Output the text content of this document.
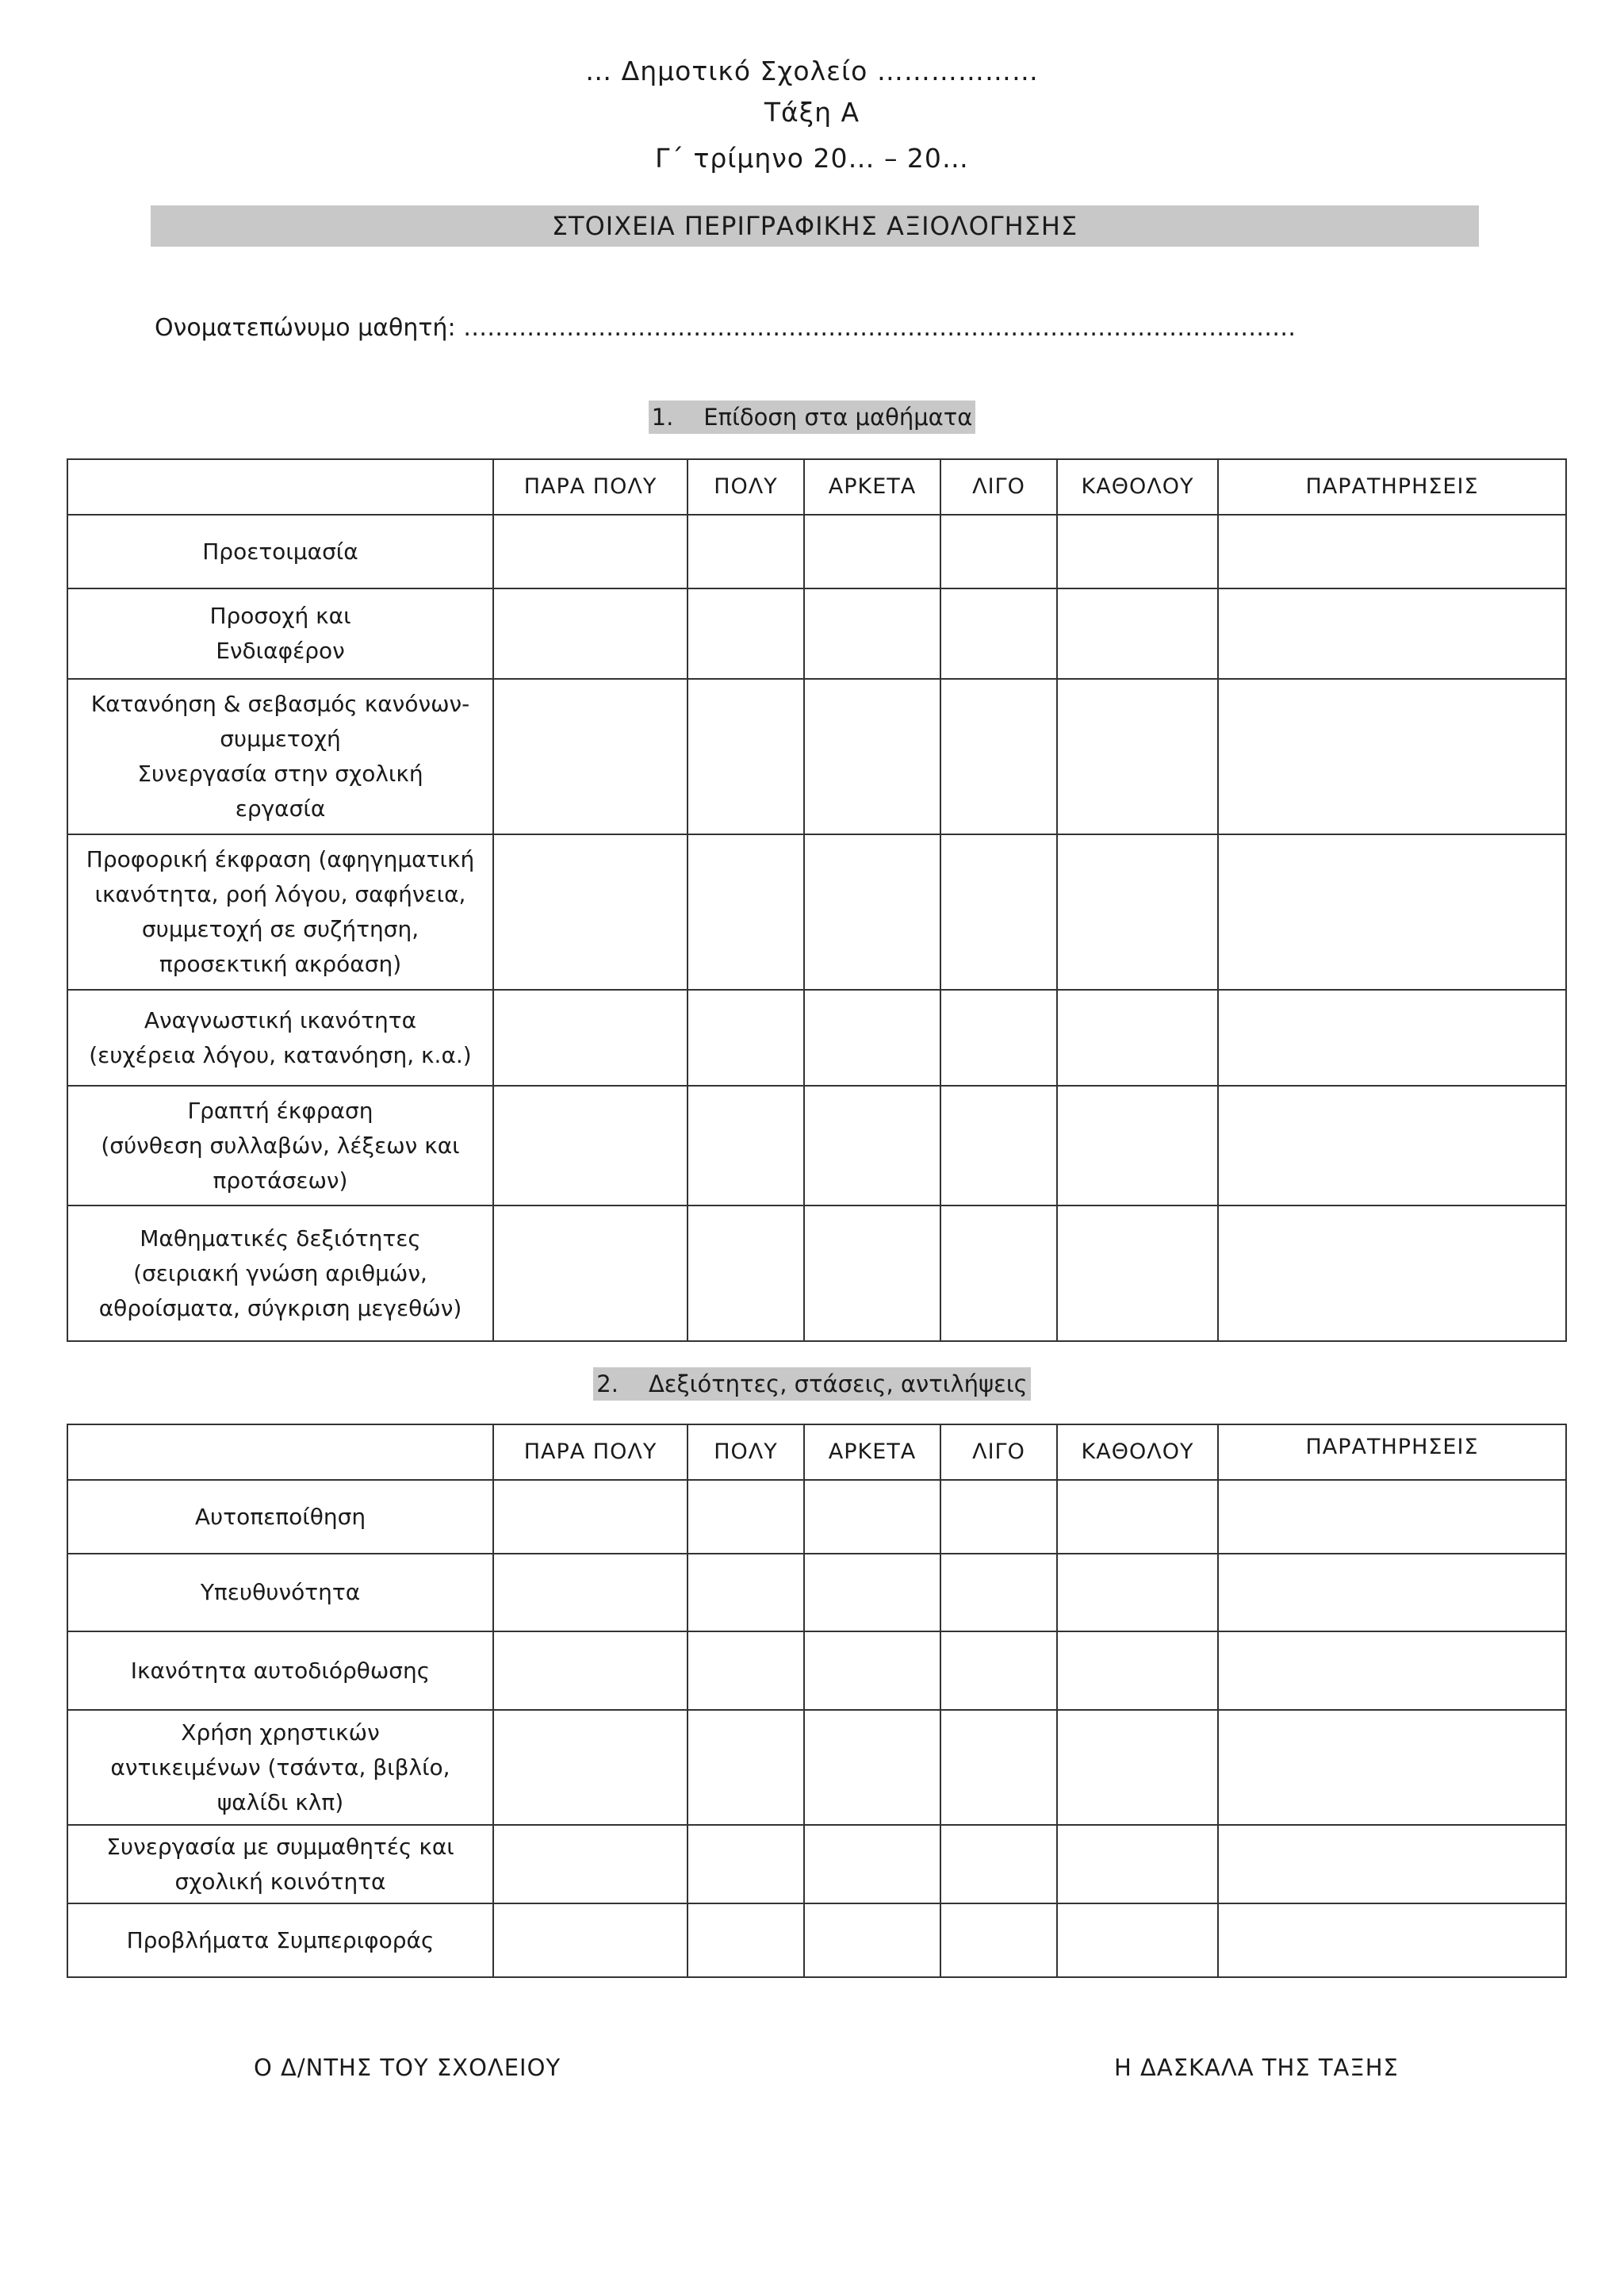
… Δημοτικό Σχολείο ………………
Τάξη Α
Γ΄ τρίμηνο 20… – 20…
ΣΤΟΙΧΕΙΑ ΠΕΡΙΓΡΑΦΙΚΗΣ ΑΞΙΟΛΟΓΗΣΗΣ
Ονοματεπώνυμο μαθητή: ……………………………………………………………………………………………
1. Επίδοση στα μαθήματα
	ΠΑΡΑ ΠΟΛΥ	ΠΟΛΥ	ΑΡΚΕΤΑ	ΛΙΓΟ	ΚΑΘΟΛΟΥ	ΠΑΡΑΤΗΡΗΣΕΙΣ

Προετοιμασία						

Προσοχή και
Ενδιαφέρον						

Κατανόηση & σεβασμός κανόνων-
συμμετοχή
Συνεργασία στην σχολική
εργασία						

Προφορική έκφραση (αφηγηματική
ικανότητα, ροή λόγου, σαφήνεια,
συμμετοχή σε συζήτηση,
προσεκτική ακρόαση)						

Αναγνωστική ικανότητα
(ευχέρεια λόγου, κατανόηση, κ.α.)						

Γραπτή έκφραση
(σύνθεση συλλαβών, λέξεων και
προτάσεων)						

Μαθηματικές δεξιότητες
(σειριακή γνώση αριθμών,
αθροίσματα, σύγκριση μεγεθών)						

2. Δεξιότητες, στάσεις, αντιλήψεις
	ΠΑΡΑ ΠΟΛΥ	ΠΟΛΥ	ΑΡΚΕΤΑ	ΛΙΓΟ	ΚΑΘΟΛΟΥ	ΠΑΡΑΤΗΡΗΣΕΙΣ

Αυτοπεποίθηση						

Υπευθυνότητα						

Ικανότητα αυτοδιόρθωσης						

Χρήση χρηστικών
αντικειμένων (τσάντα, βιβλίο,
ψαλίδι κλπ)						

Συνεργασία με συμμαθητές και
σχολική κοινότητα						

Προβλήματα Συμπεριφοράς						

Ο Δ/ΝΤΗΣ ΤΟΥ ΣΧΟΛΕΙΟΥ	Η ΔΑΣΚΑΛΑ ΤΗΣ ΤΑΞΗΣ
